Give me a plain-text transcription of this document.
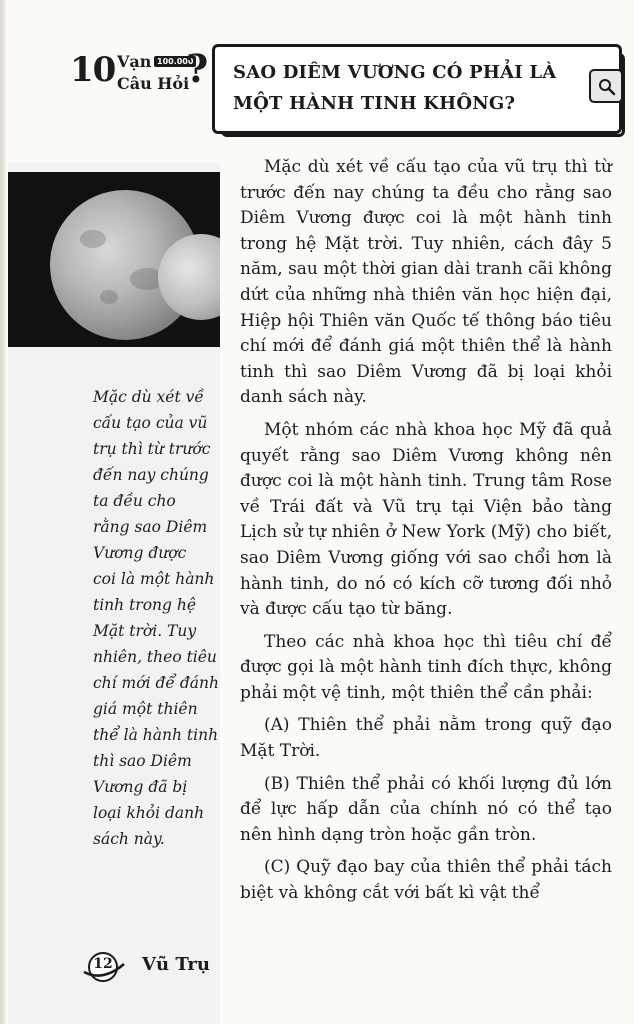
10 Vạn 100.000
Câu Hỏi
? SAO DIÊM VƯƠNG CÓ PHẢI LÀ
MỘT HÀNH TINH KHÔNG?
Mặc dù xét về
cấu tạo của vũ
trụ thì từ trước
đến nay chúng
ta đều cho
rằng sao Diêm
Vương được
coi là một hành
tinh trong hệ
Mặt trời. Tuy
nhiên, theo tiêu
chí mới để đánh
giá một thiên
thể là hành tinh
thì sao Diêm
Vương đã bị
loại khỏi danh
sách này.

Mặc dù xét về cấu tạo của vũ trụ thì từ trước đến nay chúng ta đều cho rằng sao Diêm Vương được coi là một hành tinh trong hệ Mặt trời. Tuy nhiên, cách đây 5 năm, sau một thời gian dài tranh cãi không dứt của những nhà thiên văn học hiện đại, Hiệp hội Thiên văn Quốc tế thông báo tiêu chí mới để đánh giá một thiên thể là hành tinh thì sao Diêm Vương đã bị loại khỏi danh sách này.

Một nhóm các nhà khoa học Mỹ đã quả quyết rằng sao Diêm Vương không nên được coi là một hành tinh. Trung tâm Rose về Trái đất và Vũ trụ tại Viện bảo tàng Lịch sử tự nhiên ở New York (Mỹ) cho biết, sao Diêm Vương giống với sao chổi hơn là hành tinh, do nó có kích cỡ tương đối nhỏ và được cấu tạo từ băng.

Theo các nhà khoa học thì tiêu chí để được gọi là một hành tinh đích thực, không phải một vệ tinh, một thiên thể cần phải:

(A) Thiên thể phải nằm trong quỹ đạo Mặt Trời.

(B) Thiên thể phải có khối lượng đủ lớn để lực hấp dẫn của chính nó có thể tạo nên hình dạng tròn hoặc gần tròn.

(C) Quỹ đạo bay của thiên thể phải tách biệt và không cắt với bất kì vật thể

12 Vũ Trụ
